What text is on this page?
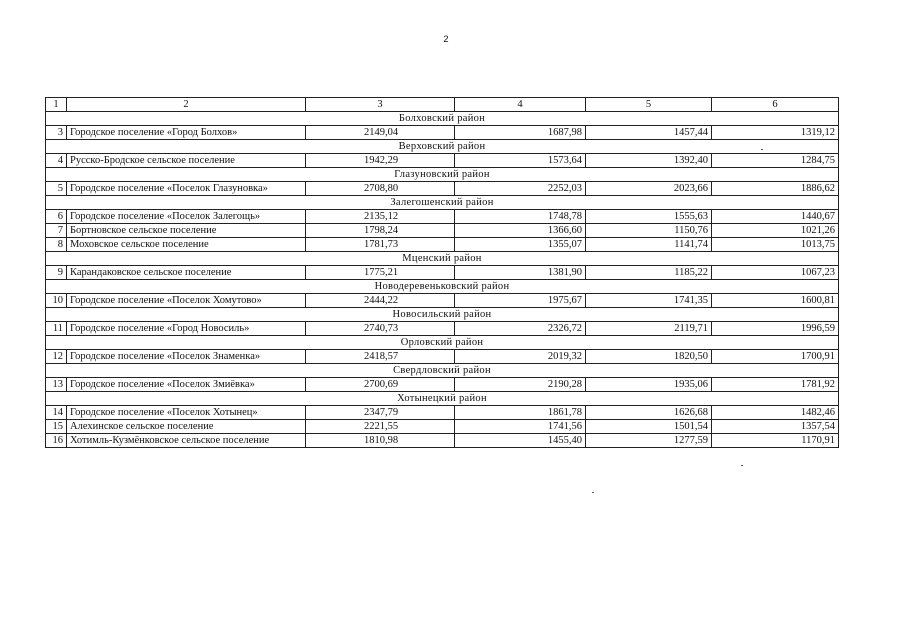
2
1	2	3	4	5	6
Болховский район					
3	Городское поселение «Город Болхов»	2149,04	1687,98	1457,44	1319,12
Верховский район					
4	Русско-Бродское сельское поселение	1942,29	1573,64	1392,40	1284,75
Глазуновский район					
5	Городское поселение «Поселок Глазуновка»	2708,80	2252,03	2023,66	1886,62
Залегошенский район					
6	Городское поселение «Поселок Залегощь»	2135,12	1748,78	1555,63	1440,67
7	Бортновское сельское поселение	1798,24	1366,60	1150,76	1021,26
8	Моховское сельское поселение	1781,73	1355,07	1141,74	1013,75
Мценский район					
9	Карандаковское сельское поселение	1775,21	1381,90	1185,22	1067,23
Новодеревеньковский район					
10	Городское поселение «Поселок Хомутово»	2444,22	1975,67	1741,35	1600,81
Новосильский район					
11	Городское поселение «Город Новосиль»	2740,73	2326,72	2119,71	1996,59
Орловский район					
12	Городское поселение «Поселок Знаменка»	2418,57	2019,32	1820,50	1700,91
Свердловский район					
13	Городское поселение «Поселок Змиёвка»	2700,69	2190,28	1935,06	1781,92
Хотынецкий район					
14	Городское поселение «Поселок Хотынец»	2347,79	1861,78	1626,68	1482,46
15	Алехинское сельское поселение	2221,55	1741,56	1501,54	1357,54
16	Хотимль-Кузмёнковское сельское поселение	1810,98	1455,40	1277,59	1170,91
